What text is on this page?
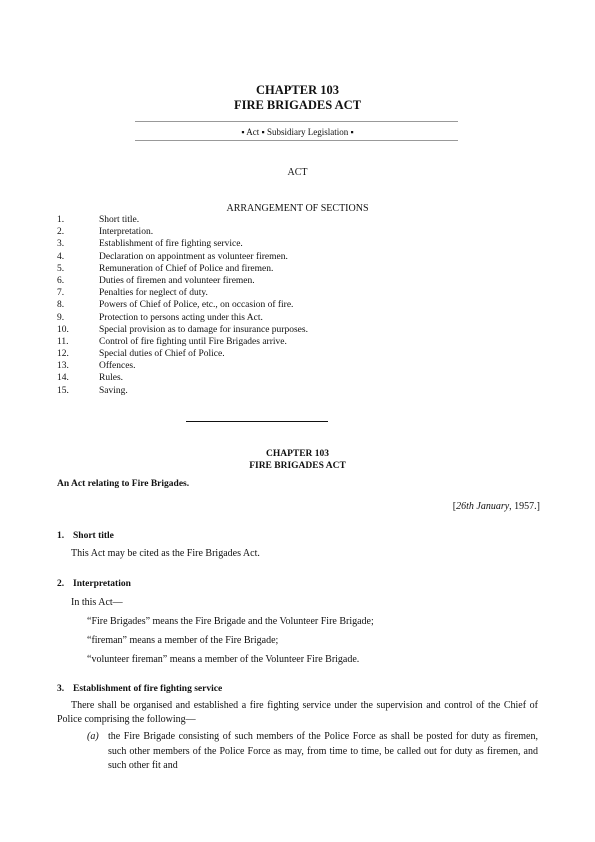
CHAPTER 103
FIRE BRIGADES ACT
▪ Act ▪ Subsidiary Legislation ▪
ACT
ARRANGEMENT OF SECTIONS
1.	Short title.
2.	Interpretation.
3.	Establishment of fire fighting service.
4.	Declaration on appointment as volunteer firemen.
5.	Remuneration of Chief of Police and firemen.
6.	Duties of firemen and volunteer firemen.
7.	Penalties for neglect of duty.
8.	Powers of Chief of Police, etc., on occasion of fire.
9.	Protection to persons acting under this Act.
10.	Special provision as to damage for insurance purposes.
11.	Control of fire fighting until Fire Brigades arrive.
12.	Special duties of Chief of Police.
13.	Offences.
14.	Rules.
15.	Saving.
CHAPTER 103
FIRE BRIGADES ACT
An Act relating to Fire Brigades.
[26th January, 1957.]
1. Short title
This Act may be cited as the Fire Brigades Act.
2. Interpretation
In this Act—
“Fire Brigades” means the Fire Brigade and the Volunteer Fire Brigade;
“fireman” means a member of the Fire Brigade;
“volunteer fireman” means a member of the Volunteer Fire Brigade.
3. Establishment of fire fighting service
There shall be organised and established a fire fighting service under the supervision and control of the Chief of Police comprising the following—
(a) the Fire Brigade consisting of such members of the Police Force as shall be posted for duty as firemen, such other members of the Police Force as may, from time to time, be called out for duty as firemen, and such other fit and
